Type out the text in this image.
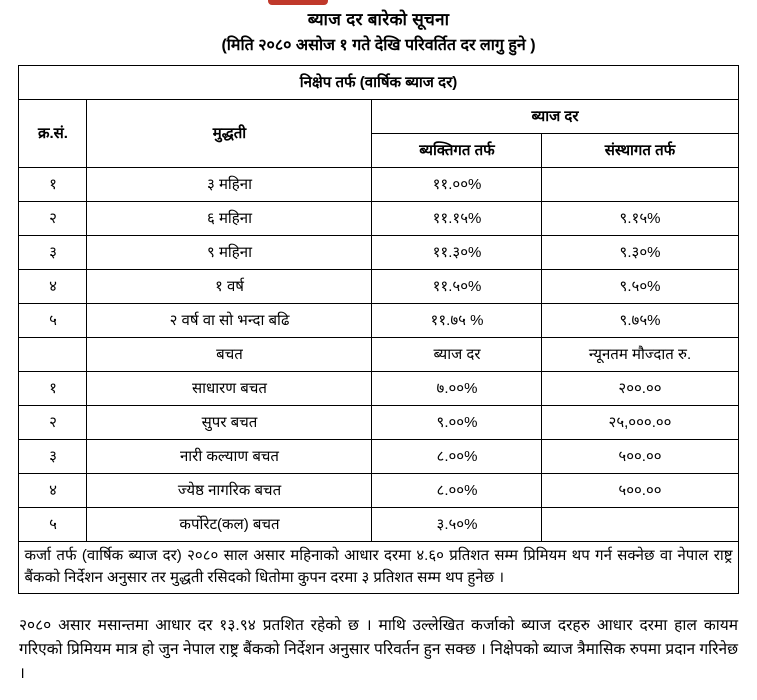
ब्याज दर बारेको सूचना
(मिति २०८० असोज १ गते देखि परिवर्तित दर लागु हुने )
निक्षेप तर्फ (वार्षिक ब्याज दर)			
क्र.सं.	मुद्धती	ब्याज दर	
		ब्यक्तिगत तर्फ	संस्थागत तर्फ
१	३ महिना	११.००%	
२	६ महिना	११.१५%	९.१५%
३	९ महिना	११.३०%	९.३०%
४	१ वर्ष	११.५०%	९.५०%
५	२ वर्ष वा सो भन्दा बढि	११.७५ %	९.७५%
	बचत	ब्याज दर	न्यूनतम मौज्दात रु.
१	साधारण बचत	७.००%	२००.००
२	सुपर बचत	९.००%	२५,०००.००
३	नारी कल्याण बचत	८.००%	५००.००
४	ज्येष्ठ नागरिक बचत	८.००%	५००.००
५	कर्पोरेट(कल) बचत	३.५०%	
कर्जा तर्फ (वार्षिक ब्याज दर) २०८० साल असार महिनाको आधार दरमा ४.६० प्रतिशत सम्म प्रिमियम थप गर्न सक्नेछ वा नेपाल राष्ट्र बैंकको निर्देशन अनुसार तर मुद्धती रसिदको धितोमा कुपन दरमा ३ प्रतिशत सम्म थप हुनेछ ।			
२०८० असार मसान्तमा आधार दर १३.९४ प्रतशित रहेको छ । माथि उल्लेखित कर्जाको ब्याज दरहरु आधार दरमा हाल कायम गरिएको प्रिमियम मात्र हो जुन नेपाल राष्ट्र बैंकको निर्देशन अनुसार परिवर्तन हुन सक्छ । निक्षेपको ब्याज त्रैमासिक रुपमा प्रदान गरिनेछ ।
